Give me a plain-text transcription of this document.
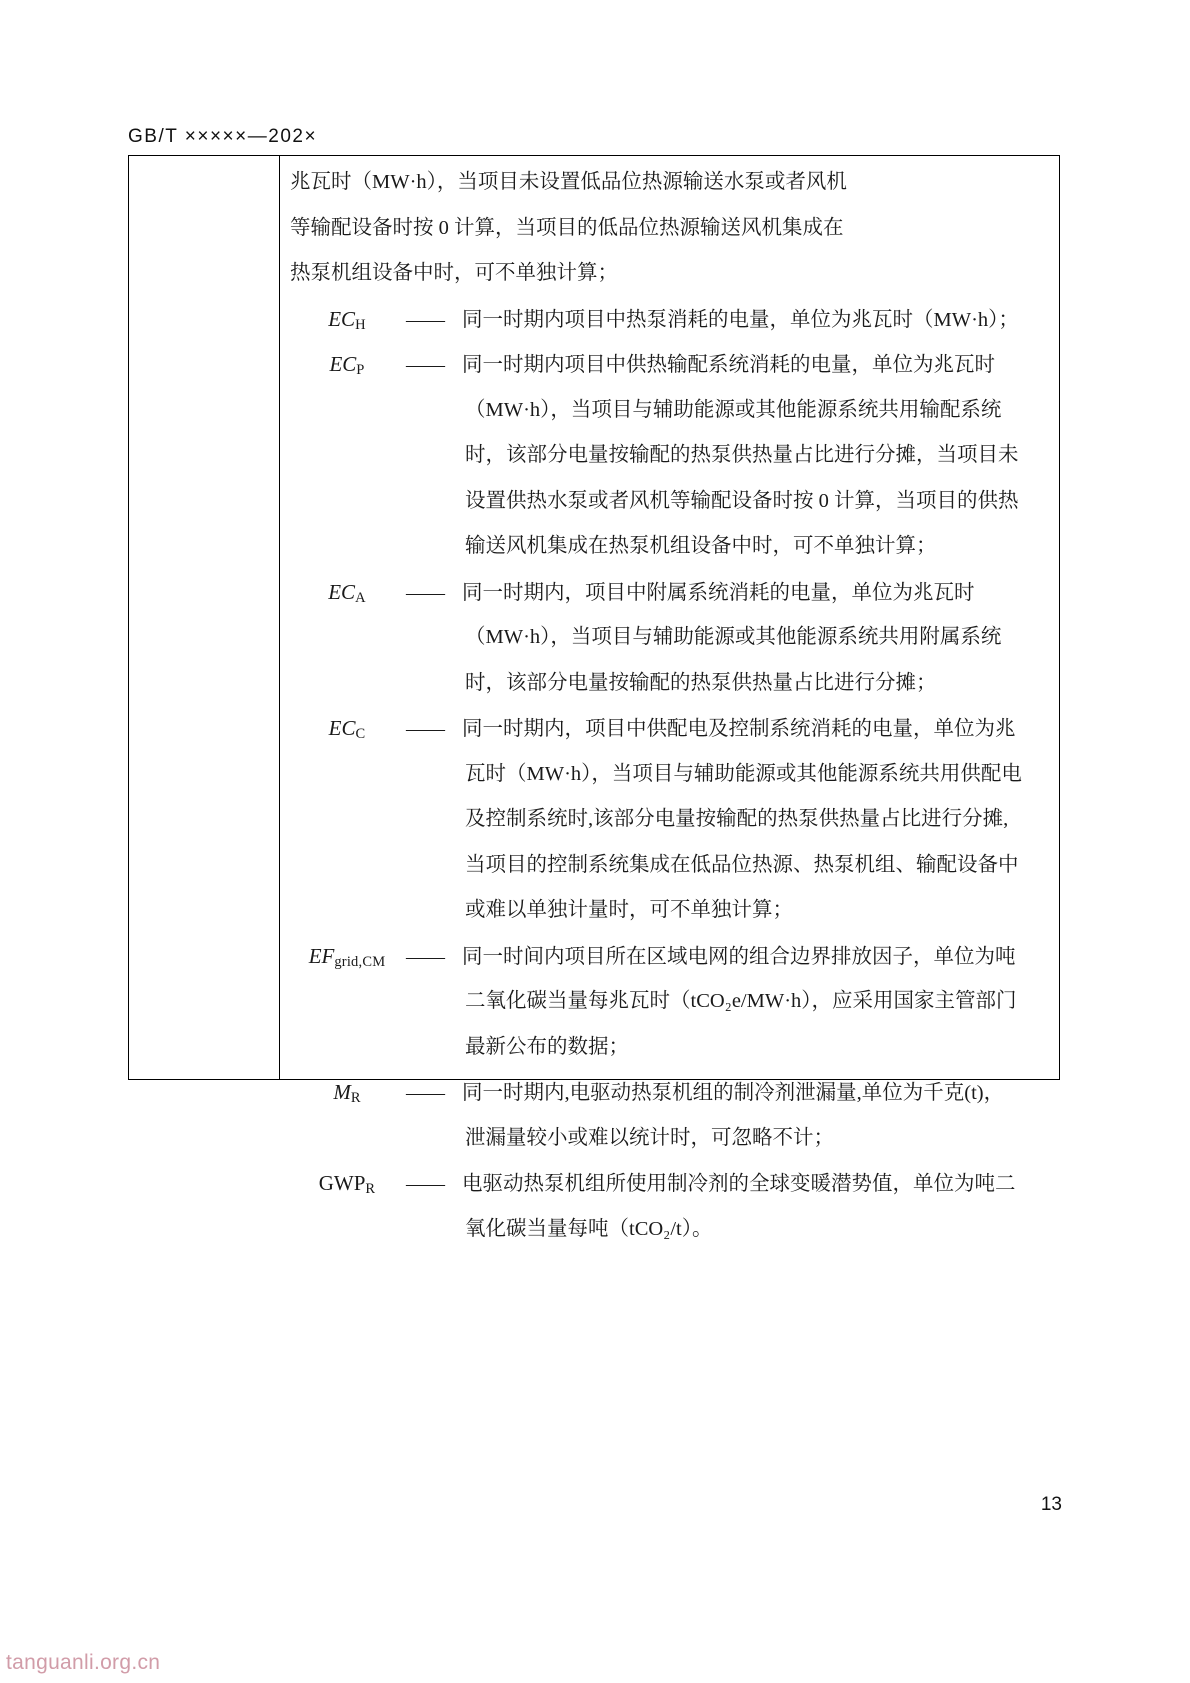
GB/T ×××××—202×
兆瓦时（MW·h），当项目未设置低品位热源输送水泵或者风机
等输配设备时按 0 计算，当项目的低品位热源输送风机集成在
热泵机组设备中时，可不单独计算；
$EC_H$	—— 同一时期内项目中热泵消耗的电量，单位为兆瓦时（MW·h）；
$EC_P$	—— 同一时期内项目中供热输配系统消耗的电量，单位为兆瓦时
（MW·h），当项目与辅助能源或其他能源系统共用输配系统
时，该部分电量按输配的热泵供热量占比进行分摊，当项目未
设置供热水泵或者风机等输配设备时按 0 计算，当项目的供热
输送风机集成在热泵机组设备中时，可不单独计算；
$EC_A$	—— 同一时期内，项目中附属系统消耗的电量，单位为兆瓦时
（MW·h），当项目与辅助能源或其他能源系统共用附属系统
时，该部分电量按输配的热泵供热量占比进行分摊；
$EC_C$	—— 同一时期内，项目中供配电及控制系统消耗的电量，单位为兆
瓦时（MW·h），当项目与辅助能源或其他能源系统共用供配电
及控制系统时,该部分电量按输配的热泵供热量占比进行分摊,
当项目的控制系统集成在低品位热源、热泵机组、输配设备中
或难以单独计量时，可不单独计算；
$EF_{grid,CM}$	—— 同一时间内项目所在区域电网的组合边界排放因子，单位为吨
二氧化碳当量每兆瓦时（tCO₂e/MW·h），应采用国家主管部门
最新公布的数据；
$M_R$	—— 同一时期内,电驱动热泵机组的制冷剂泄漏量,单位为千克(t)，
泄漏量较小或难以统计时，可忽略不计；
$GWP_R$	—— 电驱动热泵机组所使用制冷剂的全球变暖潜势值，单位为吨二
氧化碳当量每吨（tCO₂/t）。
13
tanguanli.org.cn
